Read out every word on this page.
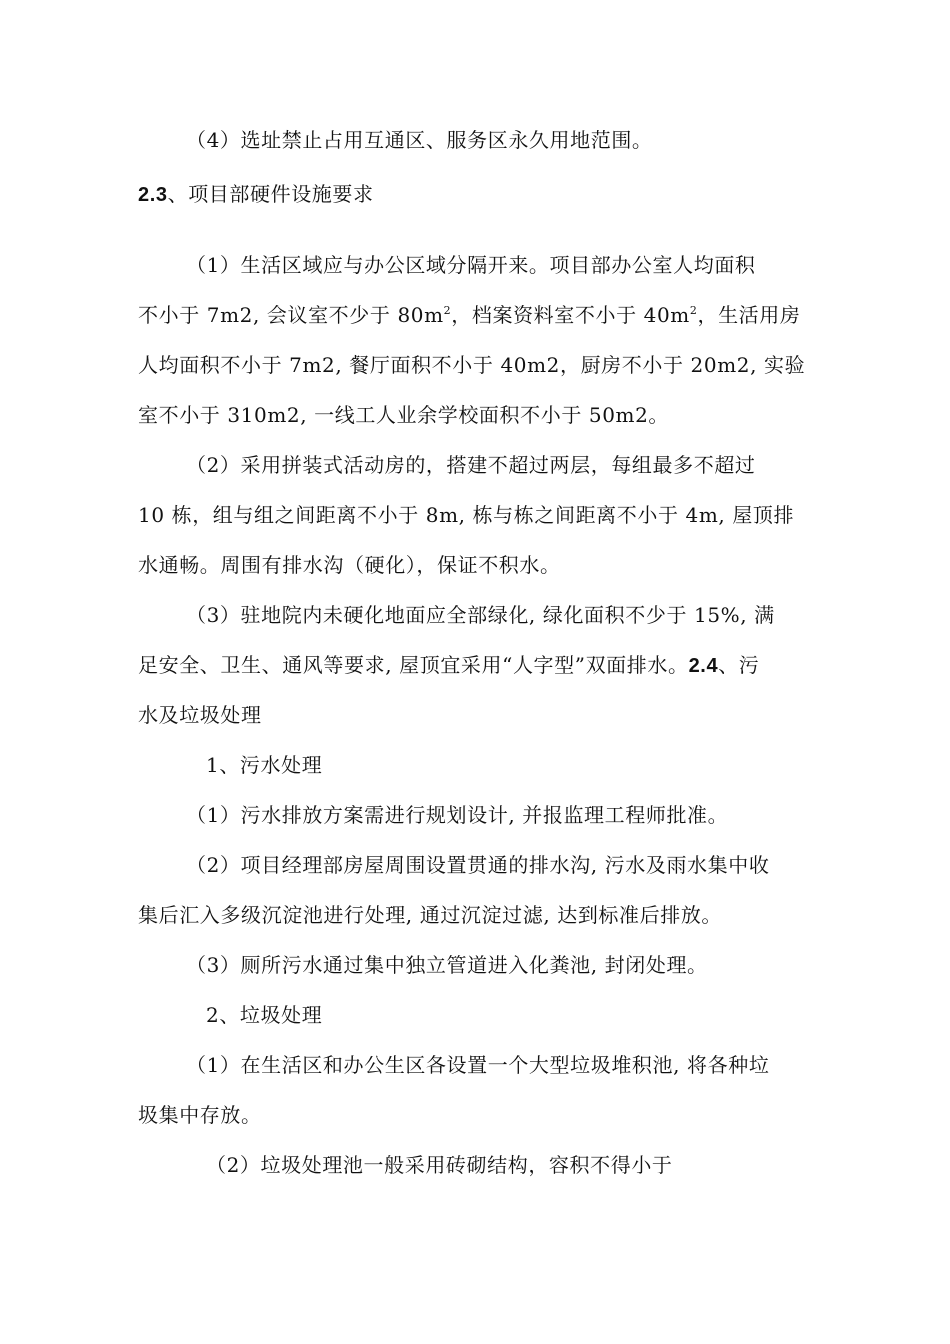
（4）选址禁止占用互通区、服务区永久用地范围。
2.3、项目部硬件设施要求
（1）生活区域应与办公区域分隔开来。项目部办公室人均面积
不小于 7m2, 会议室不少于 $80m^2$，档案资料室不小于 $40m^2$，生活用房
人均面积不小于 7m2, 餐厅面积不小于 40m2，厨房不小于 20m2, 实验
室不小于 310m2, 一线工人业余学校面积不小于 50m2。
（2）采用拼装式活动房的，搭建不超过两层，每组最多不超过
10 栋，组与组之间距离不小于 8m, 栋与栋之间距离不小于 4m, 屋顶排
水通畅。周围有排水沟（硬化），保证不积水。
（3）驻地院内未硬化地面应全部绿化, 绿化面积不少于 15%, 满
足安全、卫生、通风等要求, 屋顶宜采用“人字型”双面排水。2.4、污
水及垃圾处理
1、污水处理
（1）污水排放方案需进行规划设计, 并报监理工程师批准。
（2）项目经理部房屋周围设置贯通的排水沟, 污水及雨水集中收
集后汇入多级沉淀池进行处理, 通过沉淀过滤, 达到标准后排放。
（3）厕所污水通过集中独立管道进入化粪池, 封闭处理。
2、垃圾处理
（1）在生活区和办公生区各设置一个大型垃圾堆积池, 将各种垃
圾集中存放。
（2）垃圾处理池一般采用砖砌结构，容积不得小于
